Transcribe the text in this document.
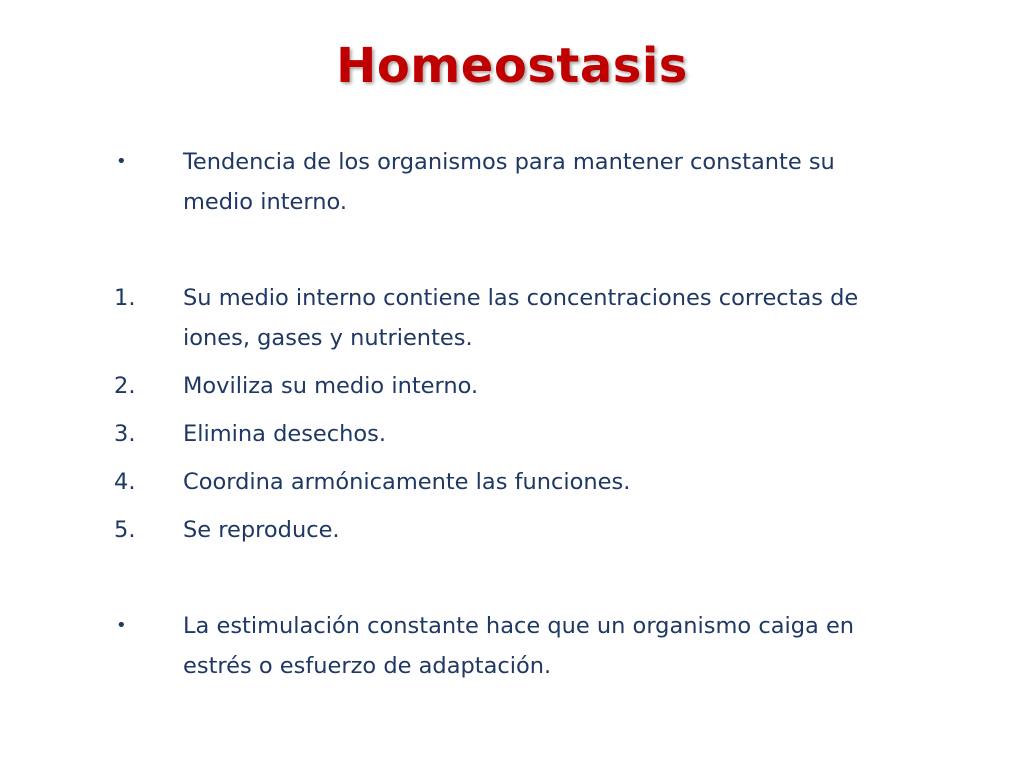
Homeostasis
•	Tendencia de los organismos para mantener constante su medio interno.
1.	Su medio interno contiene las concentraciones correctas de iones, gases y nutrientes.
2.	Moviliza su medio interno.
3.	Elimina desechos.
4.	Coordina armónicamente las funciones.
5.	Se reproduce.
•	La estimulación constante hace que un organismo caiga en estrés o esfuerzo de adaptación.
